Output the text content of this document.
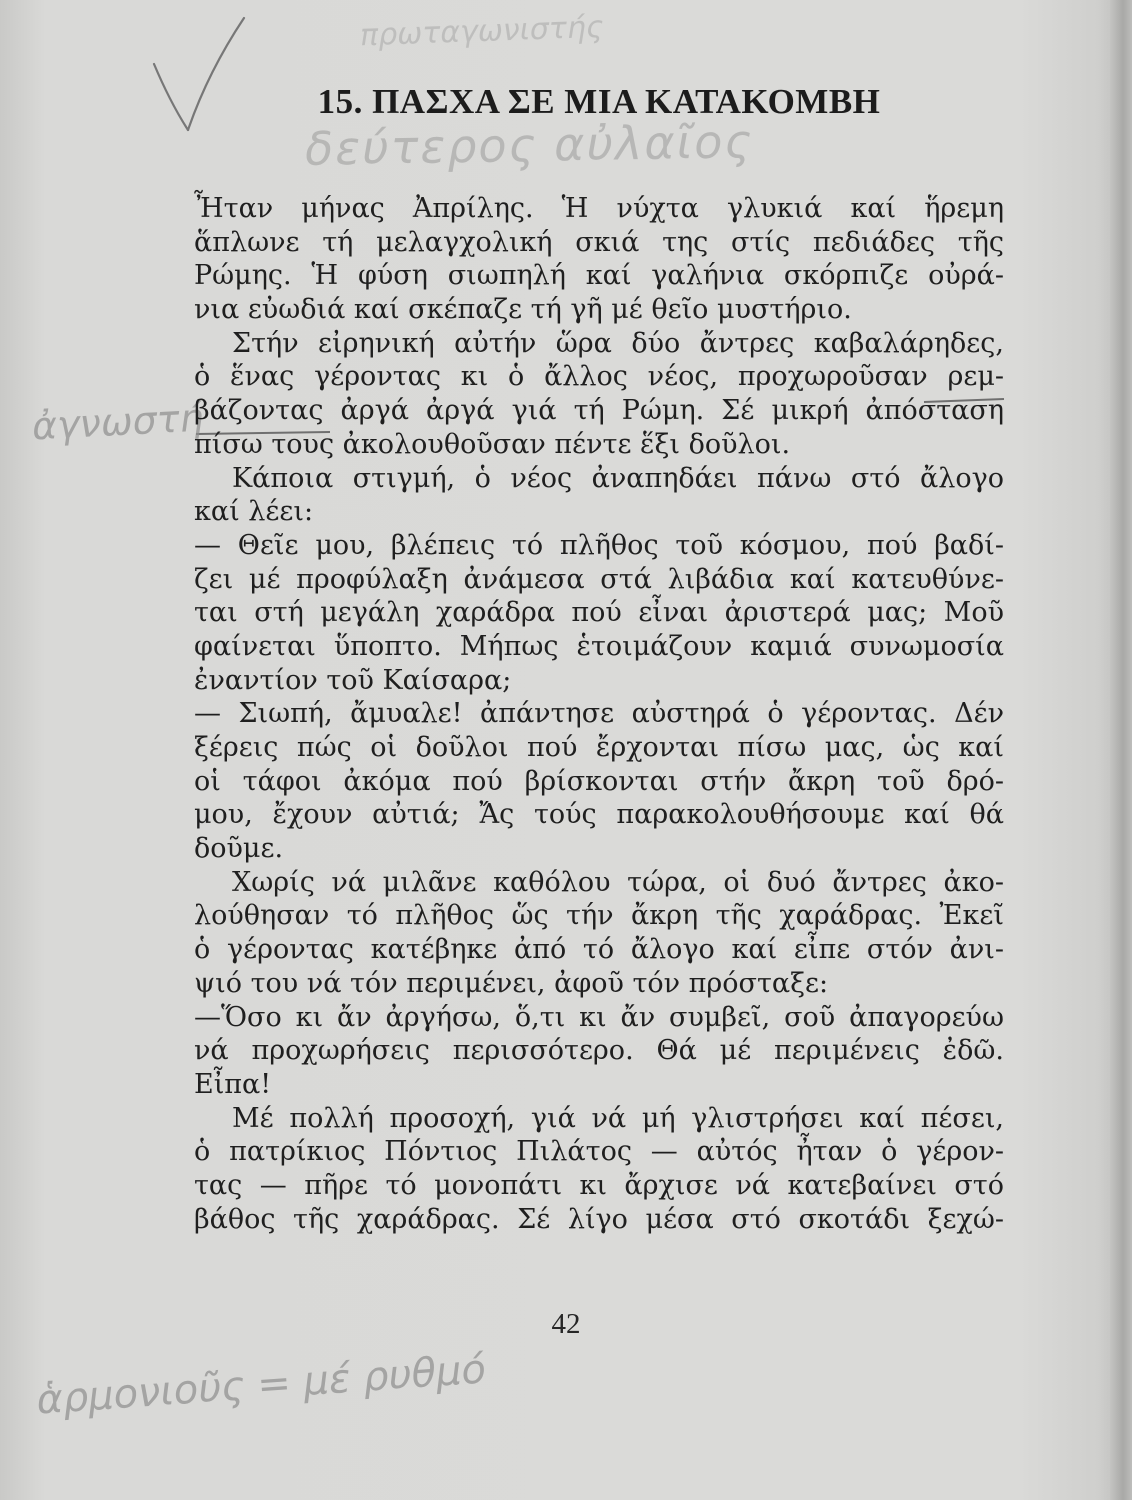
πρωταγωνιστής
15. ΠΑΣΧΑ ΣΕ ΜΙΑ ΚΑΤΑΚΟΜΒΗ
δεύτερος αὐλαῖος
ἀγνωστή
Ἦταν μήνας Ἀπρίλης. Ἡ νύχτα γλυκιά καί ἥρεμη
ἅπλωνε τή μελαγχολική σκιά της στίς πεδιάδες τῆς
Ρώμης. Ἡ φύση σιωπηλή καί γαλήνια σκόρπιζε οὐρά-
νια εὐωδιά καί σκέπαζε τή γῆ μέ θεῖο μυστήριο.
Στήν εἰρηνική αὐτήν ὥρα δύο ἄντρες καβαλάρηδες,
ὁ ἕνας γέροντας κι ὁ ἄλλος νέος, προχωροῦσαν ρεμ-
βάζοντας ἀργά ἀργά γιά τή Ρώμη. Σέ μικρή ἀπόσταση
πίσω τους ἀκολουθοῦσαν πέντε ἕξι δοῦλοι.
Κάποια στιγμή, ὁ νέος ἀναπηδάει πάνω στό ἄλογο
καί λέει:
— Θεῖε μου, βλέπεις τό πλῆθος τοῦ κόσμου, πού βαδί-
ζει μέ προφύλαξη ἀνάμεσα στά λιβάδια καί κατευθύνε-
ται στή μεγάλη χαράδρα πού εἶναι ἀριστερά μας; Μοῦ
φαίνεται ὕποπτο. Μήπως ἑτοιμάζουν καμιά συνωμοσία
ἐναντίον τοῦ Καίσαρα;
— Σιωπή, ἄμυαλε! ἀπάντησε αὐστηρά ὁ γέροντας. Δέν
ξέρεις πώς οἱ δοῦλοι πού ἔρχονται πίσω μας, ὡς καί
οἱ τάφοι ἀκόμα πού βρίσκονται στήν ἄκρη τοῦ δρό-
μου, ἔχουν αὐτιά; Ἄς τούς παρακολουθήσουμε καί θά
δοῦμε.
Χωρίς νά μιλᾶνε καθόλου τώρα, οἱ δυό ἄντρες ἀκο-
λούθησαν τό πλῆθος ὥς τήν ἄκρη τῆς χαράδρας. Ἐκεῖ
ὁ γέροντας κατέβηκε ἀπό τό ἄλογο καί εἶπε στόν ἀνι-
ψιό του νά τόν περιμένει, ἀφοῦ τόν πρόσταξε:
—Ὅσο κι ἄν ἀργήσω, ὅ,τι κι ἄν συμβεῖ, σοῦ ἀπαγορεύω
νά προχωρήσεις περισσότερο. Θά μέ περιμένεις ἐδῶ.
Εἶπα!
Μέ πολλή προσοχή, γιά νά μή γλιστρήσει καί πέσει,
ὁ πατρίκιος Πόντιος Πιλάτος — αὐτός ἦταν ὁ γέρον-
τας — πῆρε τό μονοπάτι κι ἄρχισε νά κατεβαίνει στό
βάθος τῆς χαράδρας. Σέ λίγο μέσα στό σκοτάδι ξεχώ-
42
ἁρμονιοῦς = μέ ρυθμό
